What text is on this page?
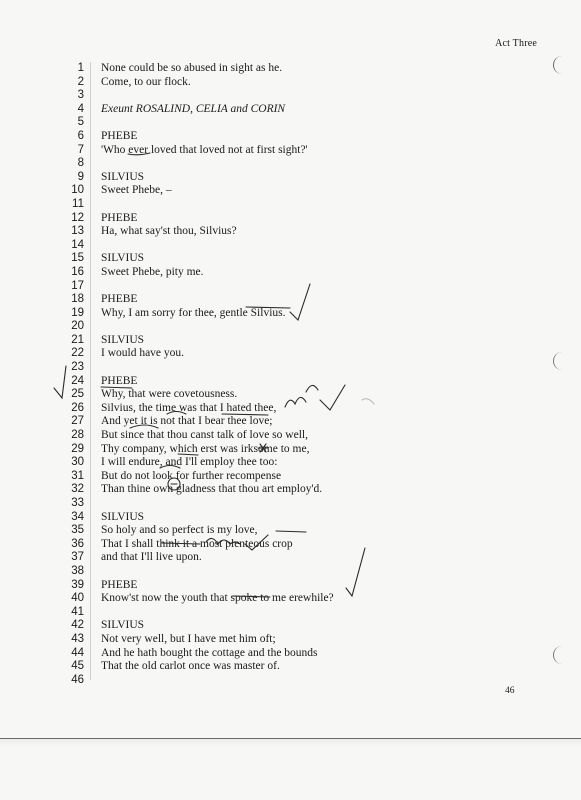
Act Three
1 None could be so abused in sight as he.
2 Come, to our flock.
3
4 Exeunt ROSALIND, CELIA and CORIN
5
6 PHEBE
7 'Who ever loved that loved not at first sight?'
8
9 SILVIUS
10 Sweet Phebe, –
11
12 PHEBE
13 Ha, what say'st thou, Silvius?
14
15 SILVIUS
16 Sweet Phebe, pity me.
17
18 PHEBE
19 Why, I am sorry for thee, gentle Silvius.
20
21 SILVIUS
22 I would have you.
23
24 PHEBE
25 Why, that were covetousness.
26 Silvius, the time was that I hated thee,
27 And yet it is not that I bear thee love;
28 But since that thou canst talk of love so well,
29 Thy company, which erst was irksome to me,
30 I will endure, and I'll employ thee too:
31 But do not look for further recompense
32 Than thine own gladness that thou art employ'd.
33
34 SILVIUS
35 So holy and so perfect is my love,
36 That I shall think it a most plenteous crop
37 and that I'll live upon.
38
39 PHEBE
40 Know'st now the youth that spoke to me erewhile?
41
42 SILVIUS
43 Not very well, but I have met him oft;
44 And he hath bought the cottage and the bounds
45 That the old carlot once was master of.
46
46
